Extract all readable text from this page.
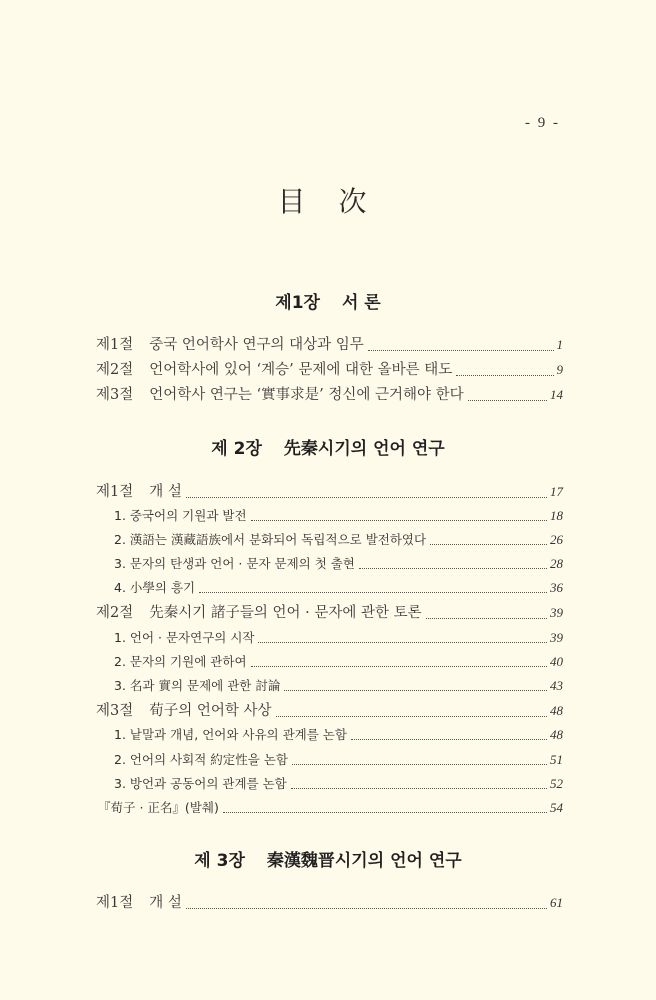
- 9 -
目 次
제1장 서 론
제1절 중국 언어학사 연구의 대상과 임무	1
제2절 언어학사에 있어 ‘계승’ 문제에 대한 올바른 태도	9
제3절 언어학사 연구는 ‘實事求是’ 정신에 근거해야 한다	14
제 2장 先秦시기의 언어 연구
제1절 개 설	17
1. 중국어의 기원과 발전	18
2. 漢語는 漢藏語族에서 분화되어 독립적으로 발전하였다	26
3. 문자의 탄생과 언어 · 문자 문제의 첫 출현	28
4. 小學의 흥기	36
제2절 先秦시기 諸子들의 언어 · 문자에 관한 토론	39
1. 언어 · 문자연구의 시작	39
2. 문자의 기원에 관하여	40
3. 名과 實의 문제에 관한 討論	43
제3절 荀子의 언어학 사상	48
1. 낱말과 개념, 언어와 사유의 관계를 논함	48
2. 언어의 사회적 約定性을 논함	51
3. 방언과 공동어의 관계를 논함	52
『荀子 · 正名』(발췌)	54
제 3장 秦漢魏晋시기의 언어 연구
제1절 개 설	61
